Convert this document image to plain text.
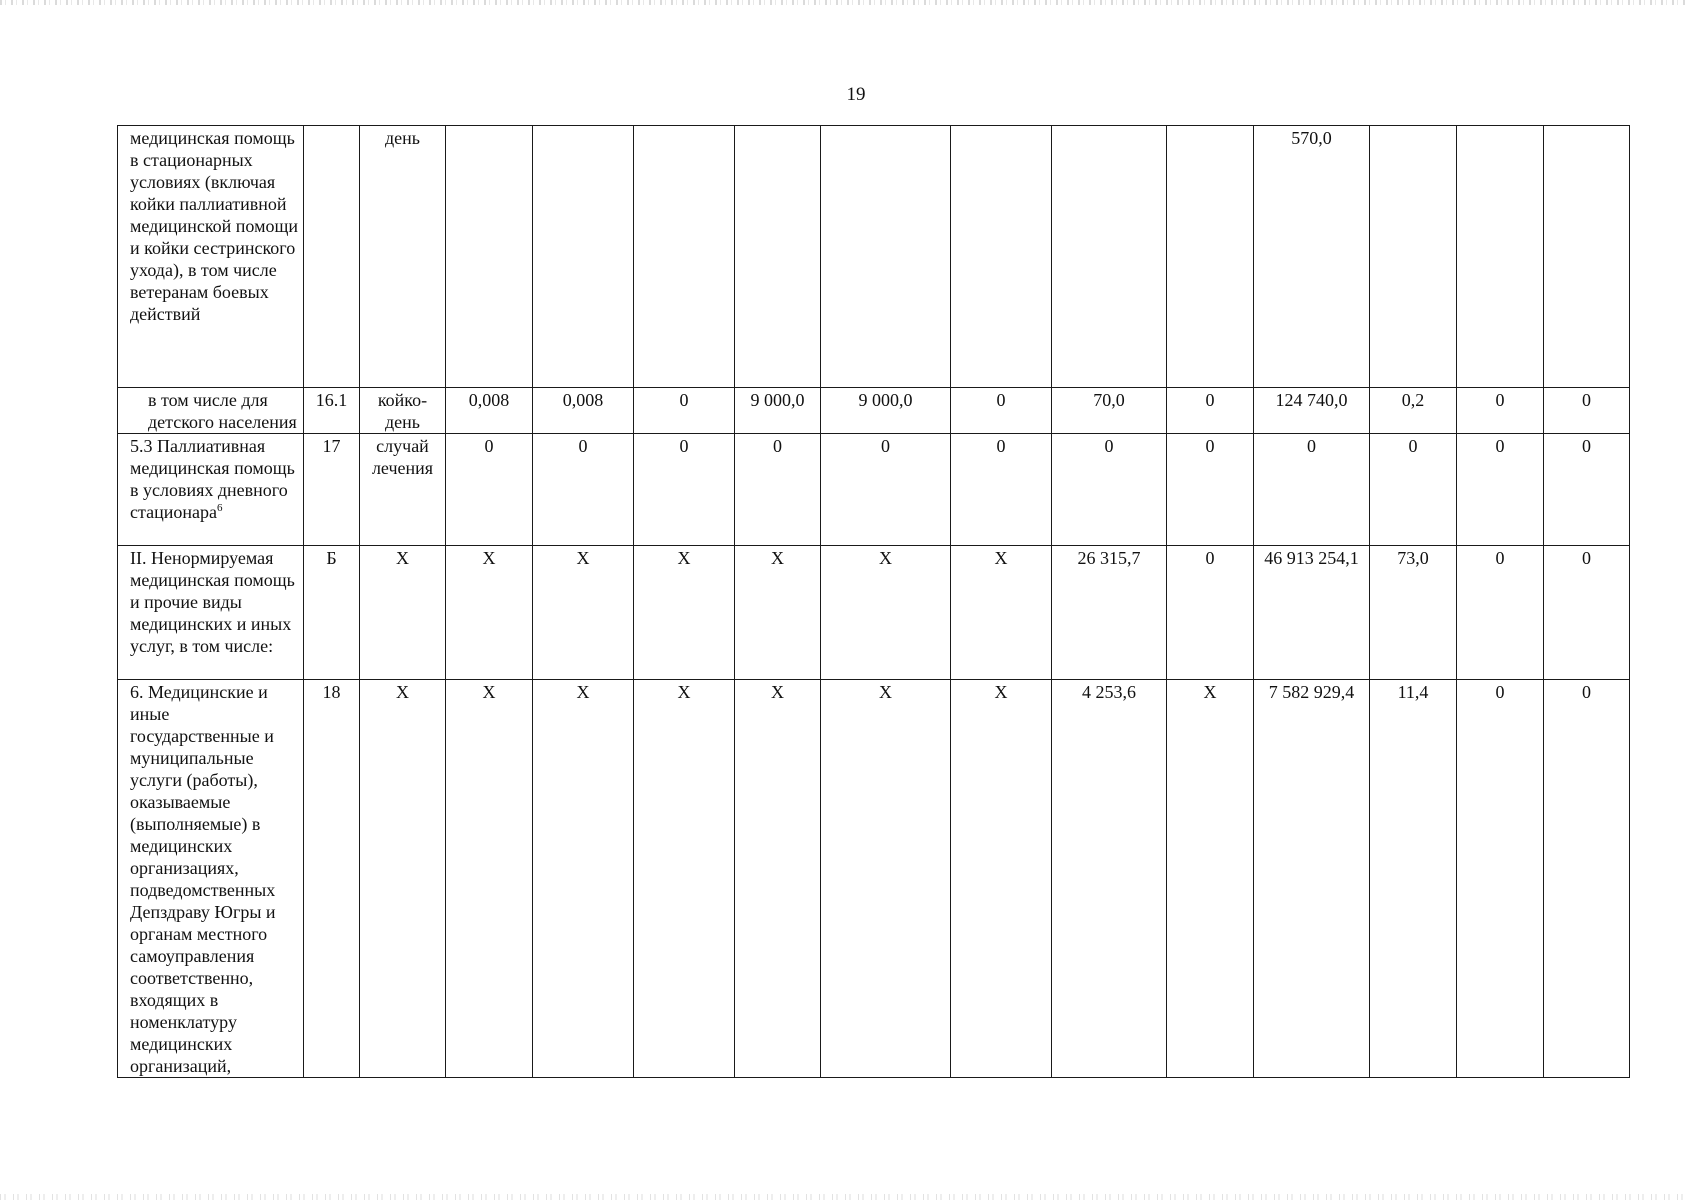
19
медицинская помощь в стационарных условиях (включая койки паллиативной медицинской помощи и койки сестринского ухода), в том числе ветеранам боевых действий		день									570,0			
в том числе для детского населения	16.1	койко-день	0,008	0,008	0	9 000,0	9 000,0	0	70,0	0	124 740,0	0,2	0	0
5.3 Паллиативная медицинская помощь в условиях дневного стационара$^6$	17	случай лечения	0	0	0	0	0	0	0	0	0	0	0	0
II. Ненормируемая медицинская помощь и прочие виды медицинских и иных услуг, в том числе:	Б	Х	Х	Х	Х	Х	Х	Х	26 315,7	0	46 913 254,1	73,0	0	0
6. Медицинские и иные государственные и муниципальные услуги (работы), оказываемые (выполняемые) в медицинских организациях, подведомственных Депздраву Югры и органам местного самоуправления соответственно, входящих в номенклатуру медицинских организаций,	18	Х	Х	Х	Х	Х	Х	Х	4 253,6	Х	7 582 929,4	11,4	0	0
